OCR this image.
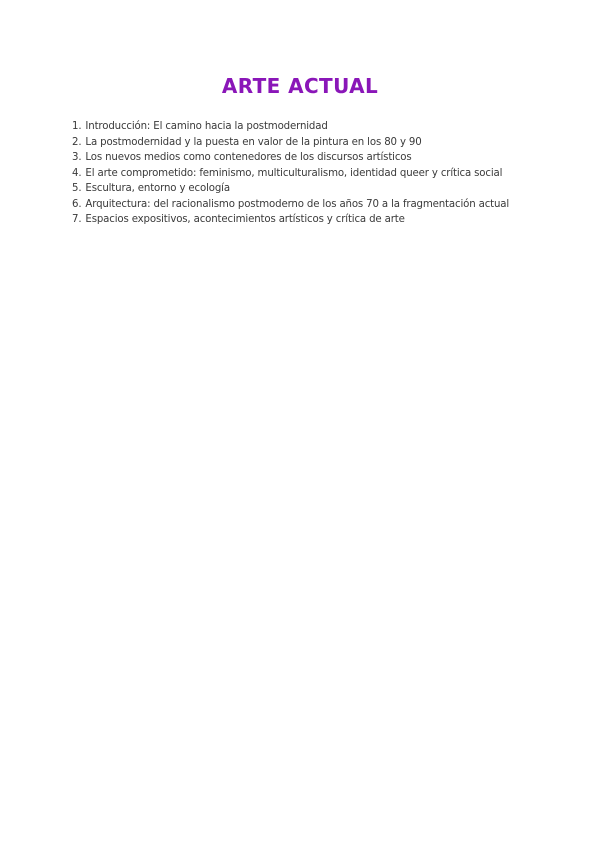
ARTE ACTUAL
1. Introducción: El camino hacia la postmodernidad
2. La postmodernidad y la puesta en valor de la pintura en los 80 y 90
3. Los nuevos medios como contenedores de los discursos artísticos
4. El arte comprometido: feminismo, multiculturalismo, identidad queer y crítica social
5. Escultura, entorno y ecología
6. Arquitectura: del racionalismo postmoderno de los años 70 a la fragmentación actual
7. Espacios expositivos, acontecimientos artísticos y crítica de arte
